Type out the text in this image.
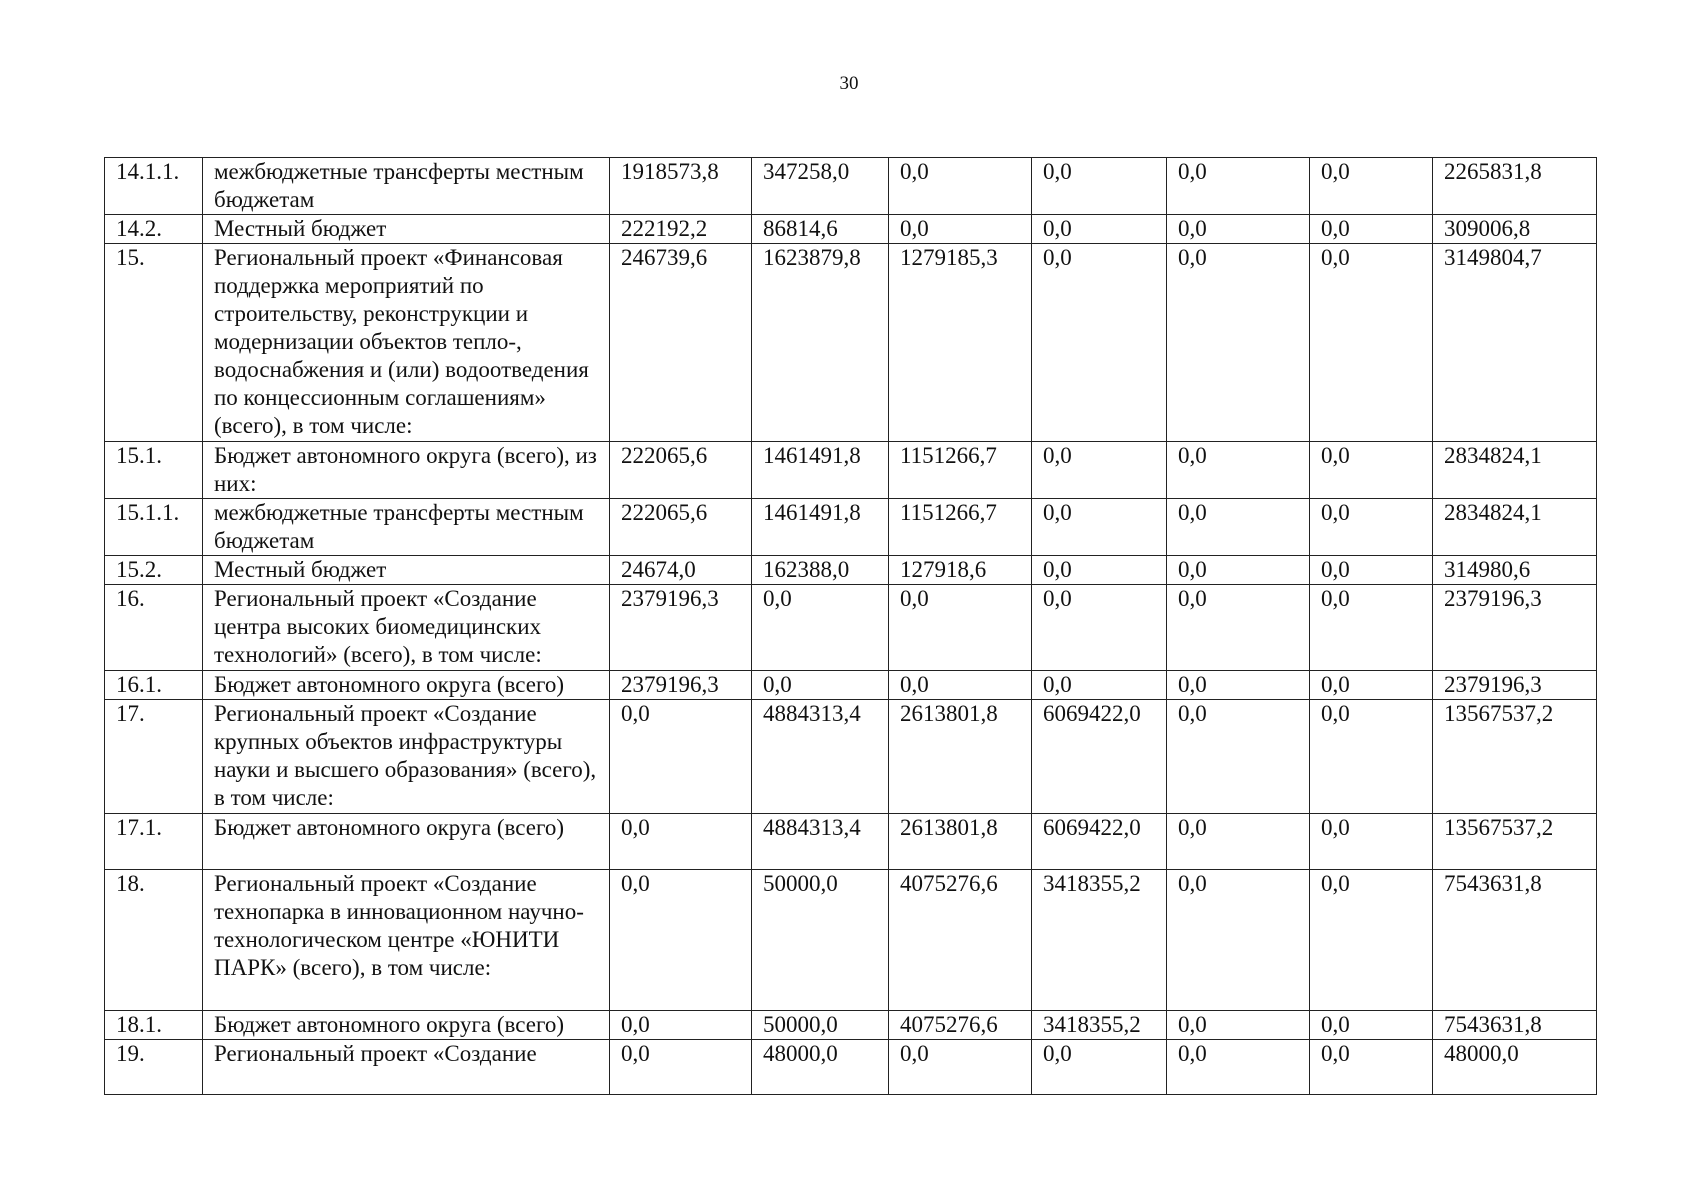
30
14.1.1.	межбюджетные трансферты местным бюджетам	1918573,8	347258,0	0,0	0,0	0,0	0,0	2265831,8
14.2.	Местный бюджет	222192,2	86814,6	0,0	0,0	0,0	0,0	309006,8
15.	Региональный проект «Финансовая поддержка мероприятий по строительству, реконструкции и модернизации объектов тепло-, водоснабжения и (или) водоотведения по концессионным соглашениям» (всего), в том числе:	246739,6	1623879,8	1279185,3	0,0	0,0	0,0	3149804,7
15.1.	Бюджет автономного округа (всего), из них:	222065,6	1461491,8	1151266,7	0,0	0,0	0,0	2834824,1
15.1.1.	межбюджетные трансферты местным бюджетам	222065,6	1461491,8	1151266,7	0,0	0,0	0,0	2834824,1
15.2.	Местный бюджет	24674,0	162388,0	127918,6	0,0	0,0	0,0	314980,6
16.	Региональный проект «Создание центра высоких биомедицинских технологий» (всего), в том числе:	2379196,3	0,0	0,0	0,0	0,0	0,0	2379196,3
16.1.	Бюджет автономного округа (всего)	2379196,3	0,0	0,0	0,0	0,0	0,0	2379196,3
17.	Региональный проект «Создание крупных объектов инфраструктуры науки и высшего образования» (всего), в том числе:	0,0	4884313,4	2613801,8	6069422,0	0,0	0,0	13567537,2
17.1.	Бюджет автономного округа (всего)	0,0	4884313,4	2613801,8	6069422,0	0,0	0,0	13567537,2
18.	Региональный проект «Создание технопарка в инновационном научно-технологическом центре «ЮНИТИ ПАРК» (всего), в том числе:	0,0	50000,0	4075276,6	3418355,2	0,0	0,0	7543631,8
18.1.	Бюджет автономного округа (всего)	0,0	50000,0	4075276,6	3418355,2	0,0	0,0	7543631,8
19.	Региональный проект «Создание	0,0	48000,0	0,0	0,0	0,0	0,0	48000,0
